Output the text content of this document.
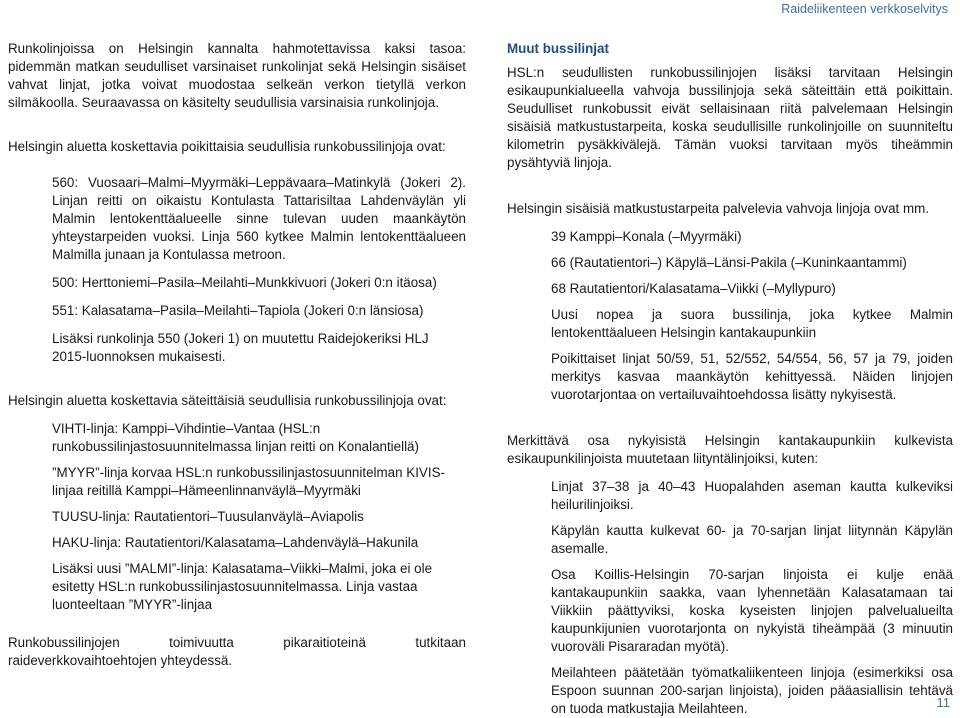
Raideliikenteen verkkoselvitys

Runkolinjoissa on Helsingin kannalta hahmotettavissa kaksi tasoa: pidemmän matkan seudulliset varsinaiset runkolinjat sekä Helsingin sisäiset vahvat linjat, jotka voivat muodostaa selkeän verkon tietyllä verkon silmäkoolla. Seuraavassa on käsitelty seudullisia varsinaisia runkolinjoja.

Helsingin aluetta koskettavia poikittaisia seudullisia runkobussilinjoja ovat:

560: Vuosaari–Malmi–Myyrmäki–Leppävaara–Matinkylä (Jokeri 2). Linjan reitti on oikaistu Kontulasta Tattarisiltaa Lahdenväylän yli Malmin lentokenttäalueelle sinne tulevan uuden maankäytön yhteystarpeiden vuoksi. Linja 560 kytkee Malmin lentokenttäalueen Malmilla junaan ja Kontulassa metroon.

500: Herttoniemi–Pasila–Meilahti–Munkkivuori (Jokeri 0:n itäosa)

551: Kalasatama–Pasila–Meilahti–Tapiola (Jokeri 0:n länsiosa)

Lisäksi runkolinja 550 (Jokeri 1) on muutettu Raidejokeriksi HLJ 2015-luonnoksen mukaisesti.

Helsingin aluetta koskettavia säteittäisiä seudullisia runkobussilinjoja ovat:

VIHTI-linja: Kamppi–Vihdintie–Vantaa (HSL:n runkobussilinjastosuunnitelmassa linjan reitti on Konalantiellä)

”MYYR”-linja korvaa HSL:n runkobussilinjastosuunnitelman KIVIS-linjaa reitillä Kamppi–Hämeenlinnanväylä–Myyrmäki

TUUSU-linja: Rautatientori–Tuusulanväylä–Aviapolis

HAKU-linja: Rautatientori/Kalasatama–Lahdenväylä–Hakunila

Lisäksi uusi ”MALMI”-linja: Kalasatama–Viikki–Malmi, joka ei ole esitetty HSL:n runkobussilinjastosuunnitelmassa. Linja vastaa luonteeltaan ”MYYR”-linjaa

Runkobussilinjojen toimivuutta pikaraitioteinä tutkitaan raideverkkovaihtoehtojen yhteydessä.

Muut bussilinjat

HSL:n seudullisten runkobussilinjojen lisäksi tarvitaan Helsingin esikaupunkialueella vahvoja bussilinjoja sekä säteittäin että poikittain. Seudulliset runkobussit eivät sellaisinaan riitä palvelemaan Helsingin sisäisiä matkustustarpeita, koska seudullisille runkolinjoille on suunniteltu kilometrin pysäkkivälejä. Tämän vuoksi tarvitaan myös tiheämmin pysähtyviä linjoja.

Helsingin sisäisiä matkustustarpeita palvelevia vahvoja linjoja ovat mm.

39 Kamppi–Konala (–Myyrmäki)

66 (Rautatientori–) Käpylä–Länsi-Pakila (–Kuninkaantammi)

68 Rautatientori/Kalasatama–Viikki (–Myllypuro)

Uusi nopea ja suora bussilinja, joka kytkee Malmin lentokenttäalueen Helsingin kantakaupunkiin

Poikittaiset linjat 50/59, 51, 52/552, 54/554, 56, 57 ja 79, joiden merkitys kasvaa maankäytön kehittyessä. Näiden linjojen vuorotarjontaa on vertailuvaihtoehdossa lisätty nykyisestä.

Merkittävä osa nykyisistä Helsingin kantakaupunkiin kulkevista esikaupunkilinjoista muutetaan liityntälinjoiksi, kuten:

Linjat 37–38 ja 40–43 Huopalahden aseman kautta kulkeviksi heilurilinjoiksi.

Käpylän kautta kulkevat 60- ja 70-sarjan linjat liitynnän Käpylän asemalle.

Osa Koillis-Helsingin 70-sarjan linjoista ei kulje enää kantakaupunkiin saakka, vaan lyhennetään Kalasatamaan tai Viikkiin päättyviksi, koska kyseisten linjojen palvelualueilta kaupunkijunien vuorotarjonta on nykyistä tiheämpää (3 minuutin vuoroväli Pisararadan myötä).

Meilahteen päätetään työmatkaliikenteen linjoja (esimerkiksi osa Espoon suunnan 200-sarjan linjoista), joiden pääasiallisin tehtävä on tuoda matkustajia Meilahteen.	11
